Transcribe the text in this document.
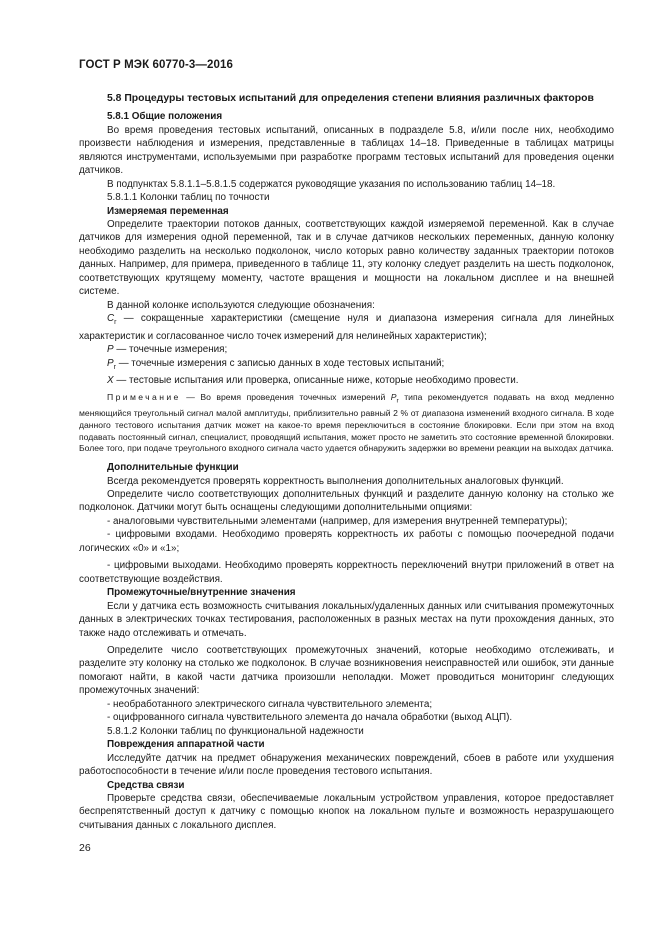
ГОСТ Р МЭК 60770-3—2016

5.8 Процедуры тестовых испытаний для определения степени влияния различных факторов

5.8.1 Общие положения

Во время проведения тестовых испытаний, описанных в подразделе 5.8, и/или после них, необходимо произвести наблюдения и измерения, представленные в таблицах 14–18. Приведенные в таблицах матрицы являются инструментами, используемыми при разработке программ тестовых испытаний для проведения оценки датчиков.

В подпунктах 5.8.1.1–5.8.1.5 содержатся руководящие указания по использованию таблиц 14–18.

5.8.1.1 Колонки таблиц по точности

Измеряемая переменная

Определите траектории потоков данных, соответствующих каждой измеряемой переменной. Как в случае датчиков для измерения одной переменной, так и в случае датчиков нескольких переменных, данную колонку необходимо разделить на несколько подколонок, число которых равно количеству заданных траектории потоков данных. Например, для примера, приведенного в таблице 11, эту колонку следует разделить на шесть подколонок, соответствующих крутящему моменту, частоте вращения и мощности на локальном дисплее и на внешней системе.

В данной колонке используются следующие обозначения:

$C_r$ — сокращенные характеристики (смещение нуля и диапазона измерения сигнала для линейных характеристик и согласованное число точек измерений для нелинейных характеристик);

P — точечные измерения;

$P_r$ — точечные измерения с записью данных в ходе тестовых испытаний;

X — тестовые испытания или проверка, описанные ниже, которые необходимо провести.

Примечание — Во время проведения точечных измерений $P_r$ типа рекомендуется подавать на вход медленно меняющийся треугольный сигнал малой амплитуды, приблизительно равный 2 % от диапазона изменений входного сигнала. В ходе данного тестового испытания датчик может на какое-то время переключиться в состояние блокировки. Если при этом на вход подавать постоянный сигнал, специалист, проводящий испытания, может просто не заметить это состояние временной блокировки. Более того, при подаче треугольного входного сигнала часто удается обнаружить задержки во времени реакции на выходах датчика.

Дополнительные функции

Всегда рекомендуется проверять корректность выполнения дополнительных аналоговых функций.

Определите число соответствующих дополнительных функций и разделите данную колонку на столько же подколонок. Датчики могут быть оснащены следующими дополнительными опциями:

- аналоговыми чувствительными элементами (например, для измерения внутренней температуры);

- цифровыми входами. Необходимо проверять корректность их работы с помощью поочередной подачи логических «0» и «1»;

- цифровыми выходами. Необходимо проверять корректность переключений внутри приложений в ответ на соответствующие воздействия.

Промежуточные/внутренние значения

Если у датчика есть возможность считывания локальных/удаленных данных или считывания промежуточных данных в электрических точках тестирования, расположенных в разных местах на пути прохождения данных, это также надо отслеживать и отмечать.

Определите число соответствующих промежуточных значений, которые необходимо отслеживать, и разделите эту колонку на столько же подколонок. В случае возникновения неисправностей или ошибок, эти данные помогают найти, в какой части датчика произошли неполадки. Может проводиться мониторинг следующих промежуточных значений:

- необработанного электрического сигнала чувствительного элемента;

- оцифрованного сигнала чувствительного элемента до начала обработки (выход АЦП).

5.8.1.2 Колонки таблиц по функциональной надежности

Повреждения аппаратной части

Исследуйте датчик на предмет обнаружения механических повреждений, сбоев в работе или ухудшения работоспособности в течение и/или после проведения тестового испытания.

Средства связи

Проверьте средства связи, обеспечиваемые локальным устройством управления, которое предоставляет беспрепятственный доступ к датчику с помощью кнопок на локальном пульте и возможность неразрушающего считывания данных с локального дисплея.

26
